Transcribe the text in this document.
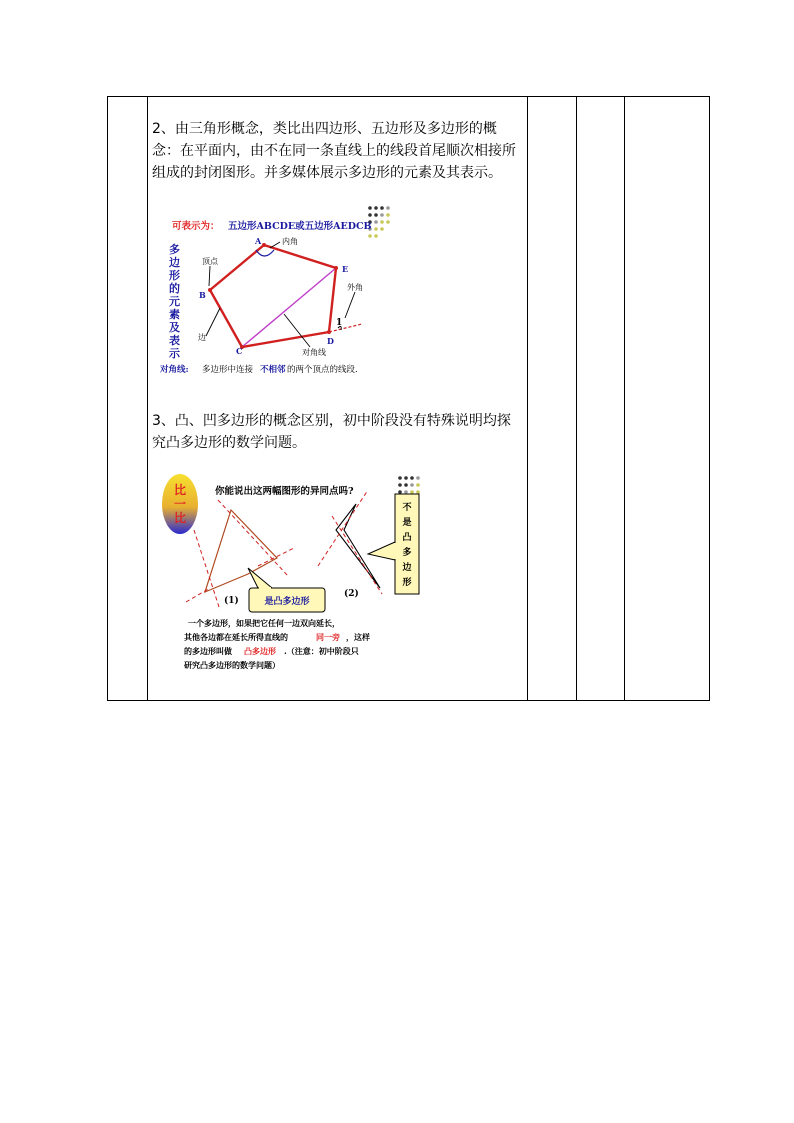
2、由三角形概念，类比出四边形、五边形及多边形的概念：在平面内，由不在同一条直线上的线段首尾顺次相接所组成的封闭图形。并多媒体展示多边形的元素及其表示。
可表示为： 五边形ABCDE或五边形AEDCB
多
边
形
的
元
素
及
表
示
A
E
D
C
B
内角
顶点
外角
边
对角线
1
对角线: 多边形中连接 不相邻 的两个顶点的线段.
3、凸、凹多边形的概念区别，初中阶段没有特殊说明均探究凸多边形的数学问题。
比
一
比
你能说出这两幅图形的异同点吗?
不
是
凸
多
边
形
(1)
(2)
是凸多边形
一个多边形，如果把它任何一边双向延长，
其他各边都在延长所得直线的	同一旁 ，这样
的多边形叫做 凸多边形 .（注意：初中阶段只
研究凸多边形的数学问题）
